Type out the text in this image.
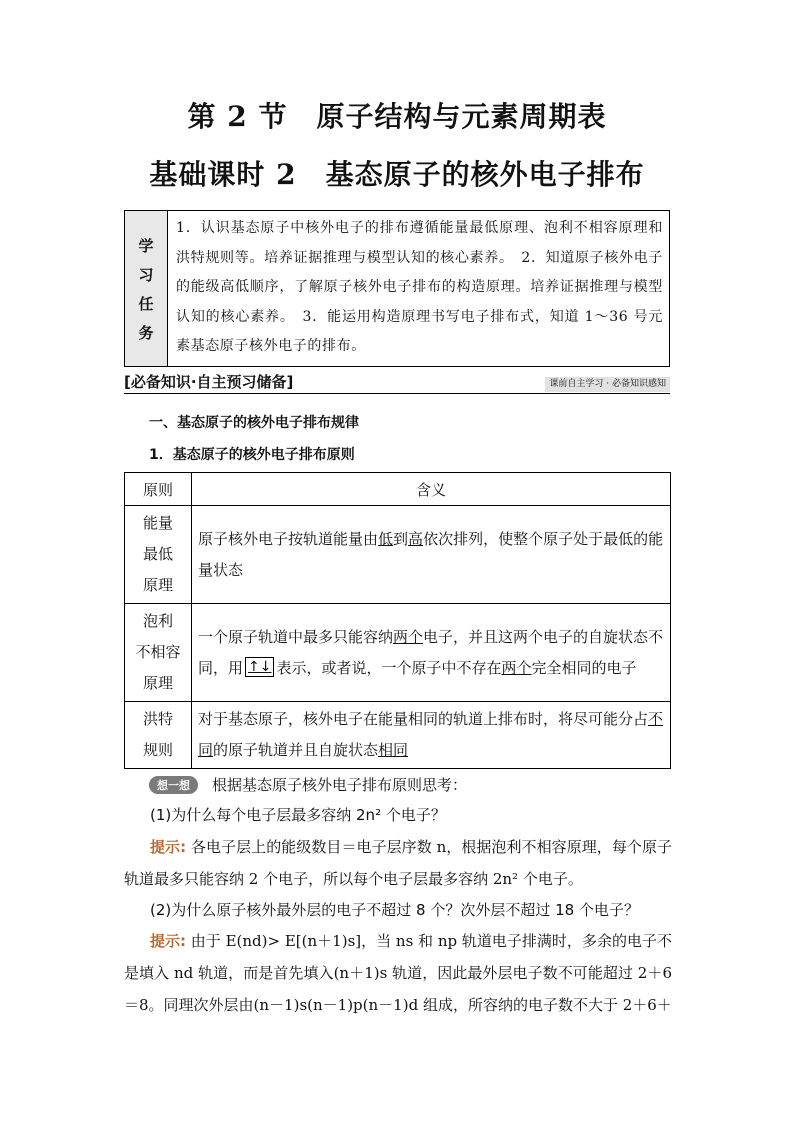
第 2 节　原子结构与元素周期表
基础课时 2　基态原子的核外电子排布
学
习
任
务
1．认识基态原子中核外电子的排布遵循能量最低原理、泡利不相容原理和洪特规则等。培养证据推理与模型认知的核心素养。　2．知道原子核外电子的能级高低顺序，了解原子核外电子排布的构造原理。培养证据推理与模型认知的核心素养。　3．能运用构造原理书写电子排布式，知道 1～36 号元素基态原子核外电子的排布。
[必备知识·自主预习储备]	课前自主学习 · 必备知识感知
一、基态原子的核外电子排布规律
1．基态原子的核外电子排布原则
原则	含义
能量
最低
原理	原子核外电子按轨道能量由低到高依次排列，使整个原子处于最低的能量状态
泡利
不相容
原理	一个原子轨道中最多只能容纳两个电子，并且这两个电子的自旋状态不同，用 ↑↓ 表示，或者说，一个原子中不存在两个完全相同的电子
洪特
规则	对于基态原子，核外电子在能量相同的轨道上排布时，将尽可能分占不同的原子轨道并且自旋状态相同
想一想	根据基态原子核外电子排布原则思考：
(1)为什么每个电子层最多容纳 2n² 个电子？
提示: 各电子层上的能级数目＝电子层序数 n，根据泡利不相容原理，每个原子轨道最多只能容纳 2 个电子，所以每个电子层最多容纳 2n² 个电子。
(2)为什么原子核外最外层的电子不超过 8 个？次外层不超过 18 个电子？
提示: 由于 E(nd)> E[(n＋1)s]，当 ns 和 np 轨道电子排满时，多余的电子不是填入 nd 轨道，而是首先填入(n＋1)s 轨道，因此最外层电子数不可能超过 2＋6＝8。同理次外层由(n－1)s(n－1)p(n－1)d 组成，所容纳的电子数不大于 2＋6＋
